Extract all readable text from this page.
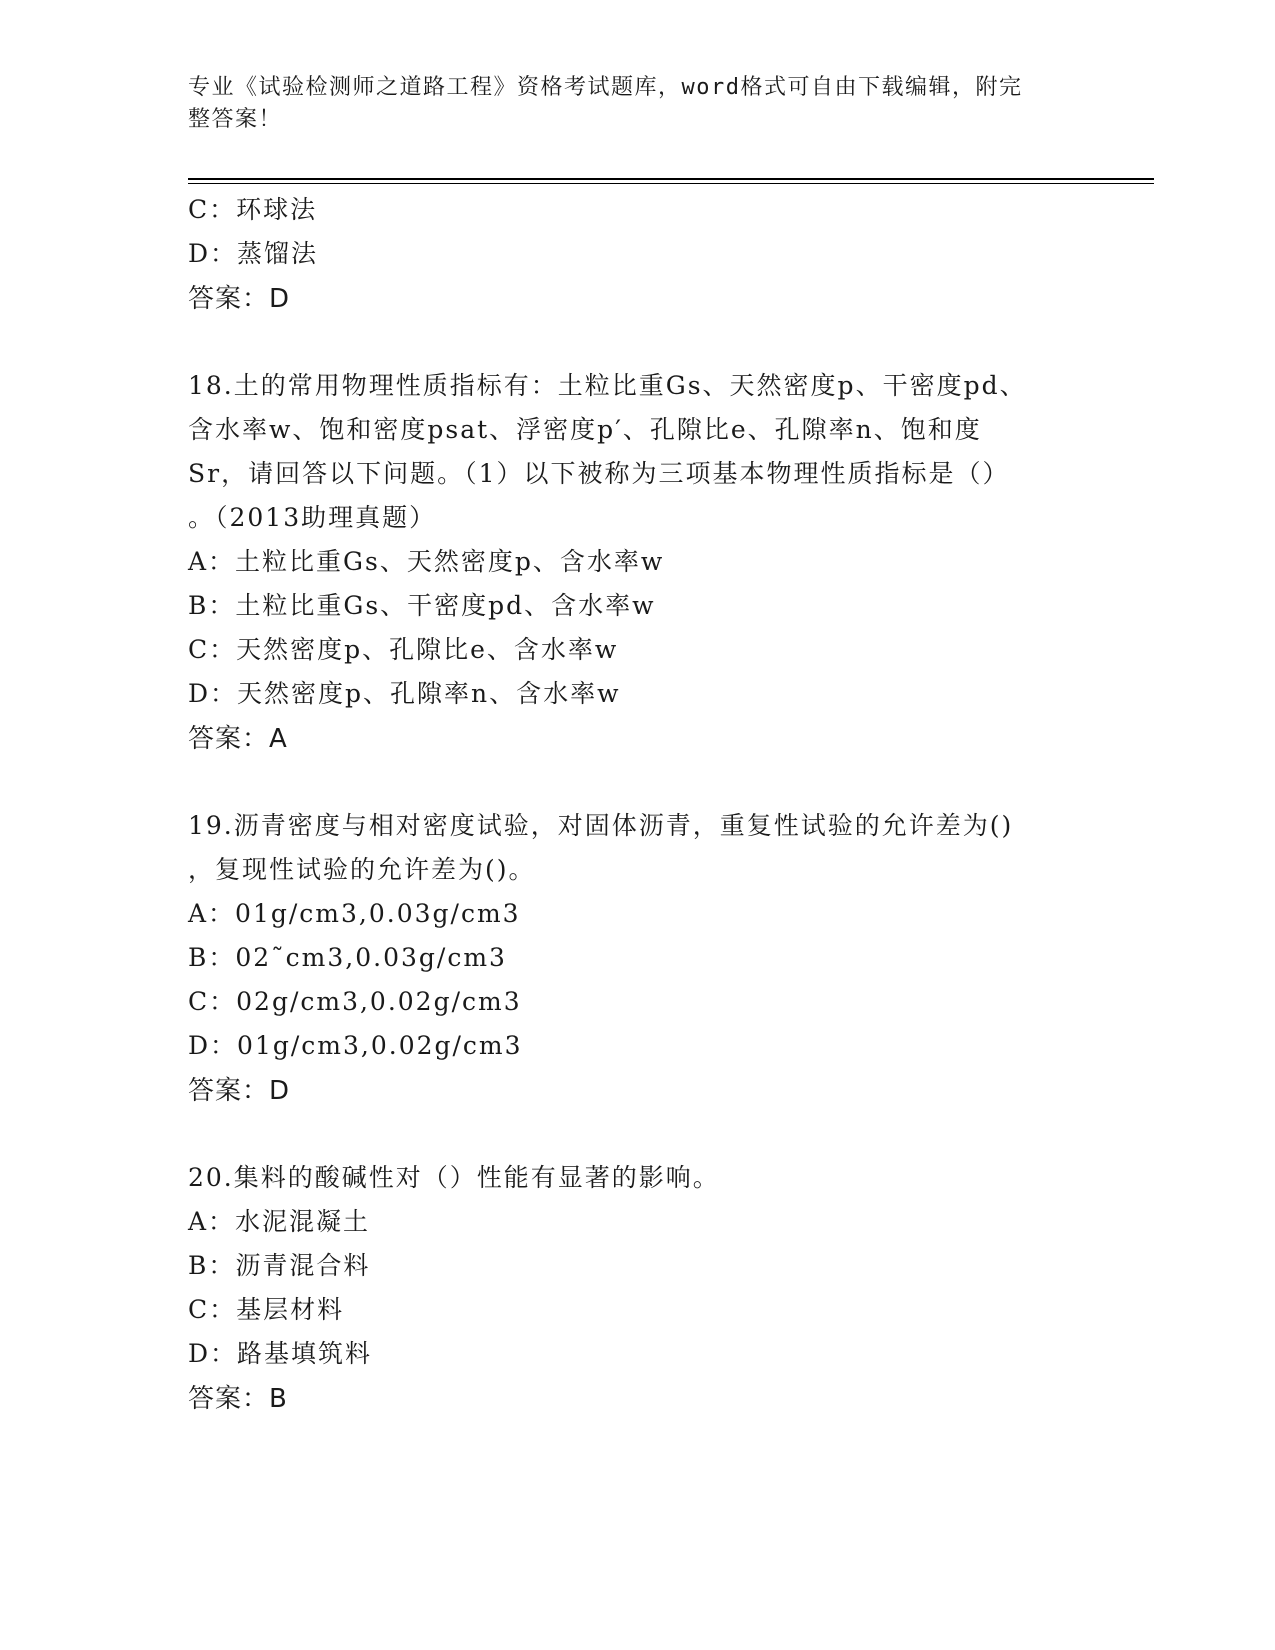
专业《试验检测师之道路工程》资格考试题库，word格式可自由下载编辑，附完
整答案！
C：环球法
D：蒸馏法
答案：D
18.土的常用物理性质指标有：土粒比重Gs、天然密度p、干密度pd、
含水率w、饱和密度psat、浮密度p′、孔隙比e、孔隙率n、饱和度
Sr，请回答以下问题。（1）以下被称为三项基本物理性质指标是（）
。（2013助理真题）
A：土粒比重Gs、天然密度p、含水率w
B：土粒比重Gs、干密度pd、含水率w
C：天然密度p、孔隙比e、含水率w
D：天然密度p、孔隙率n、含水率w
答案：A
19.沥青密度与相对密度试验，对固体沥青，重复性试验的允许差为()
，复现性试验的允许差为()。
A：01g/cm3,0.03g/cm3
B：02˜cm3,0.03g/cm3
C：02g/cm3,0.02g/cm3
D：01g/cm3,0.02g/cm3
答案：D
20.集料的酸碱性对（）性能有显著的影响。
A：水泥混凝土
B：沥青混合料
C：基层材料
D：路基填筑料
答案：B
